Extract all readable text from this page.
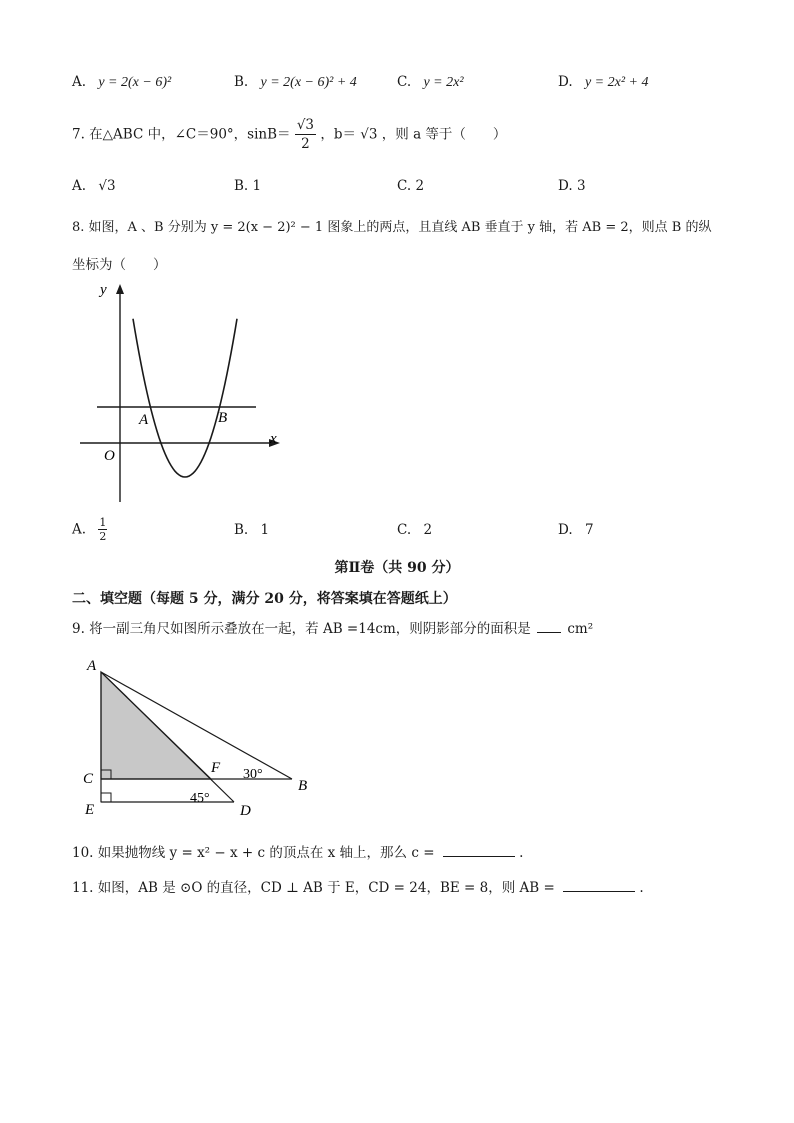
A. y = 2(x − 6)²	B. y = 2(x − 6)² + 4	C. y = 2x²	D. y = 2x² + 4
7. 在△ABC 中，∠C＝90°，$\sin B= \frac{√3}{2}$ ，b＝ √3 ，则 a 等于（　　）
A. √3	B. 1	C. 2	D. 3
8. 如图，A 、B 分别为 y = 2(x − 2)² − 1 图象上的两点，且直线 AB 垂直于 y 轴，若 AB = 2，则点 B 的纵
坐标为（　　）
y
x
O
A	B
A. $\frac{1}{2}$	B. 1	C. 2	D. 7
第Ⅱ卷（共 90 分）
二、填空题（每题 5 分，满分 20 分，将答案填在答题纸上）
9. 将一副三角尺如图所示叠放在一起，若 AB =14cm，则阴影部分的面积是	cm²
A
B
C
D
E
F 30°
45°
10. 如果抛物线 y = x² − x + c 的顶点在 x 轴上，那么 c =	.
11. 如图，AB 是 ⊙O 的直径，CD ⊥ AB 于 E，CD = 24，BE = 8，则 AB =	.
